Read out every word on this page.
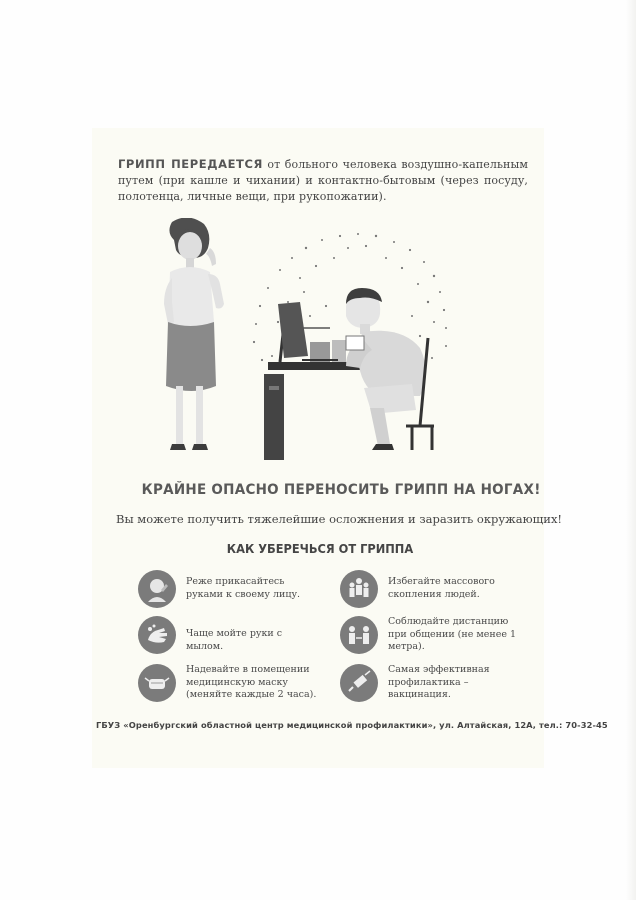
ГРИПП ПЕРЕДАЕТСЯ от больного человека воздушно-капельным путем (при кашле и чихании) и контактно-бытовым (через посуду, полотенца, личные вещи, при рукопожатии).

КРАЙНЕ ОПАСНО ПЕРЕНОСИТЬ ГРИПП НА НОГАХ!
Вы можете получить тяжелейшие осложнения и заразить окружающих!
КАК УБЕРЕЧЬСЯ ОТ ГРИППА
Реже прикасайтесь руками к своему лицу.
Избегайте массового скопления людей.
Чаще мойте руки с мылом.
Соблюдайте дистанцию при общении (не менее 1 метра).
Надевайте в помещении медицинскую маску (меняйте каждые 2 часа).
Самая эффективная профилактика – вакцинация.
ГБУЗ «Оренбургский областной центр медицинской профилактики», ул. Алтайская, 12А, тел.: 70-32-45
